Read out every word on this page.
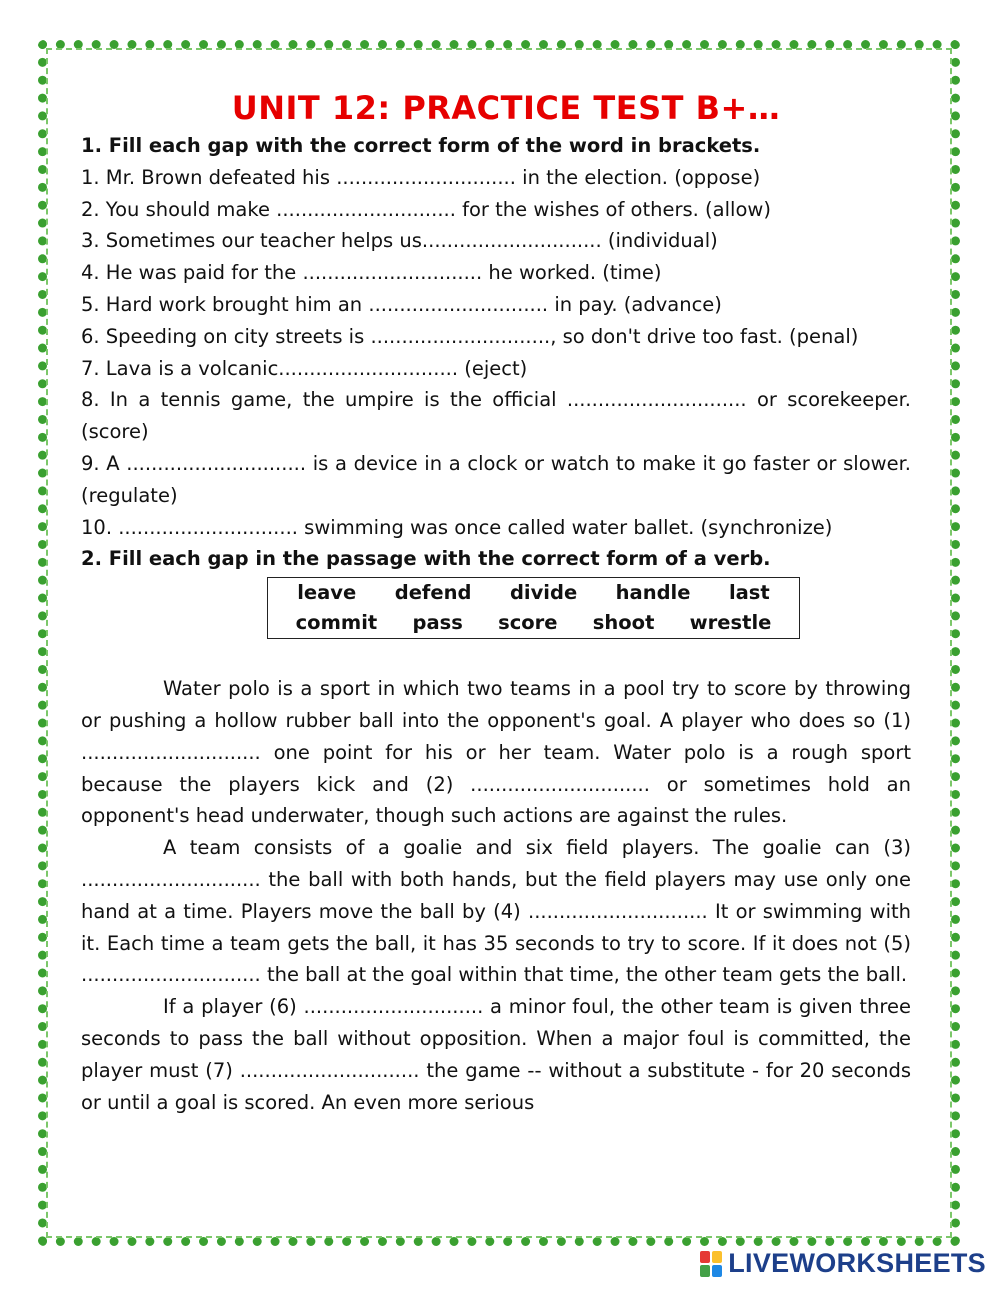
UNIT 12: PRACTICE TEST B+…
1. Fill each gap with the correct form of the word in brackets.
1. Mr. Brown defeated his ............................. in the election. (oppose)
2. You should make ............................. for the wishes of others. (allow)
3. Sometimes our teacher helps us............................. (individual)
4. He was paid for the ............................. he worked. (time)
5. Hard work brought him an ............................. in pay. (advance)
6. Speeding on city streets is ............................., so don't drive too fast. (penal)
7. Lava is a volcanic............................. (eject)
8. In a tennis game, the umpire is the official ............................. or scorekeeper. (score)
9. A ............................. is a device in a clock or watch to make it go faster or slower.(regulate)
10. ............................. swimming was once called water ballet. (synchronize)
2. Fill each gap in the passage with the correct form of a verb.
leave defend divide handle last
commit pass score shoot wrestle

Water polo is a sport in which two teams in a pool try to score by throwing or pushing a hollow rubber ball into the opponent's goal. A player who does so (1) ............................. one point for his or her team. Water polo is a rough sport because the players kick and (2) ............................. or sometimes hold an opponent's head underwater, though such actions are against the rules.

A team consists of a goalie and six field players. The goalie can (3) ............................. the ball with both hands, but the field players may use only one hand at a time. Players move the ball by (4) ............................. It or swimming with it. Each time a team gets the ball, it has 35 seconds to try to score. If it does not (5) ............................. the ball at the goal within that time, the other team gets the ball.

If a player (6) ............................. a minor foul, the other team is given three seconds to pass the ball without opposition. When a major foul is committed, the player must (7) ............................. the game -- without a substitute - for 20 seconds or until a goal is scored. An even more serious

LIVEWORKSHEETS
